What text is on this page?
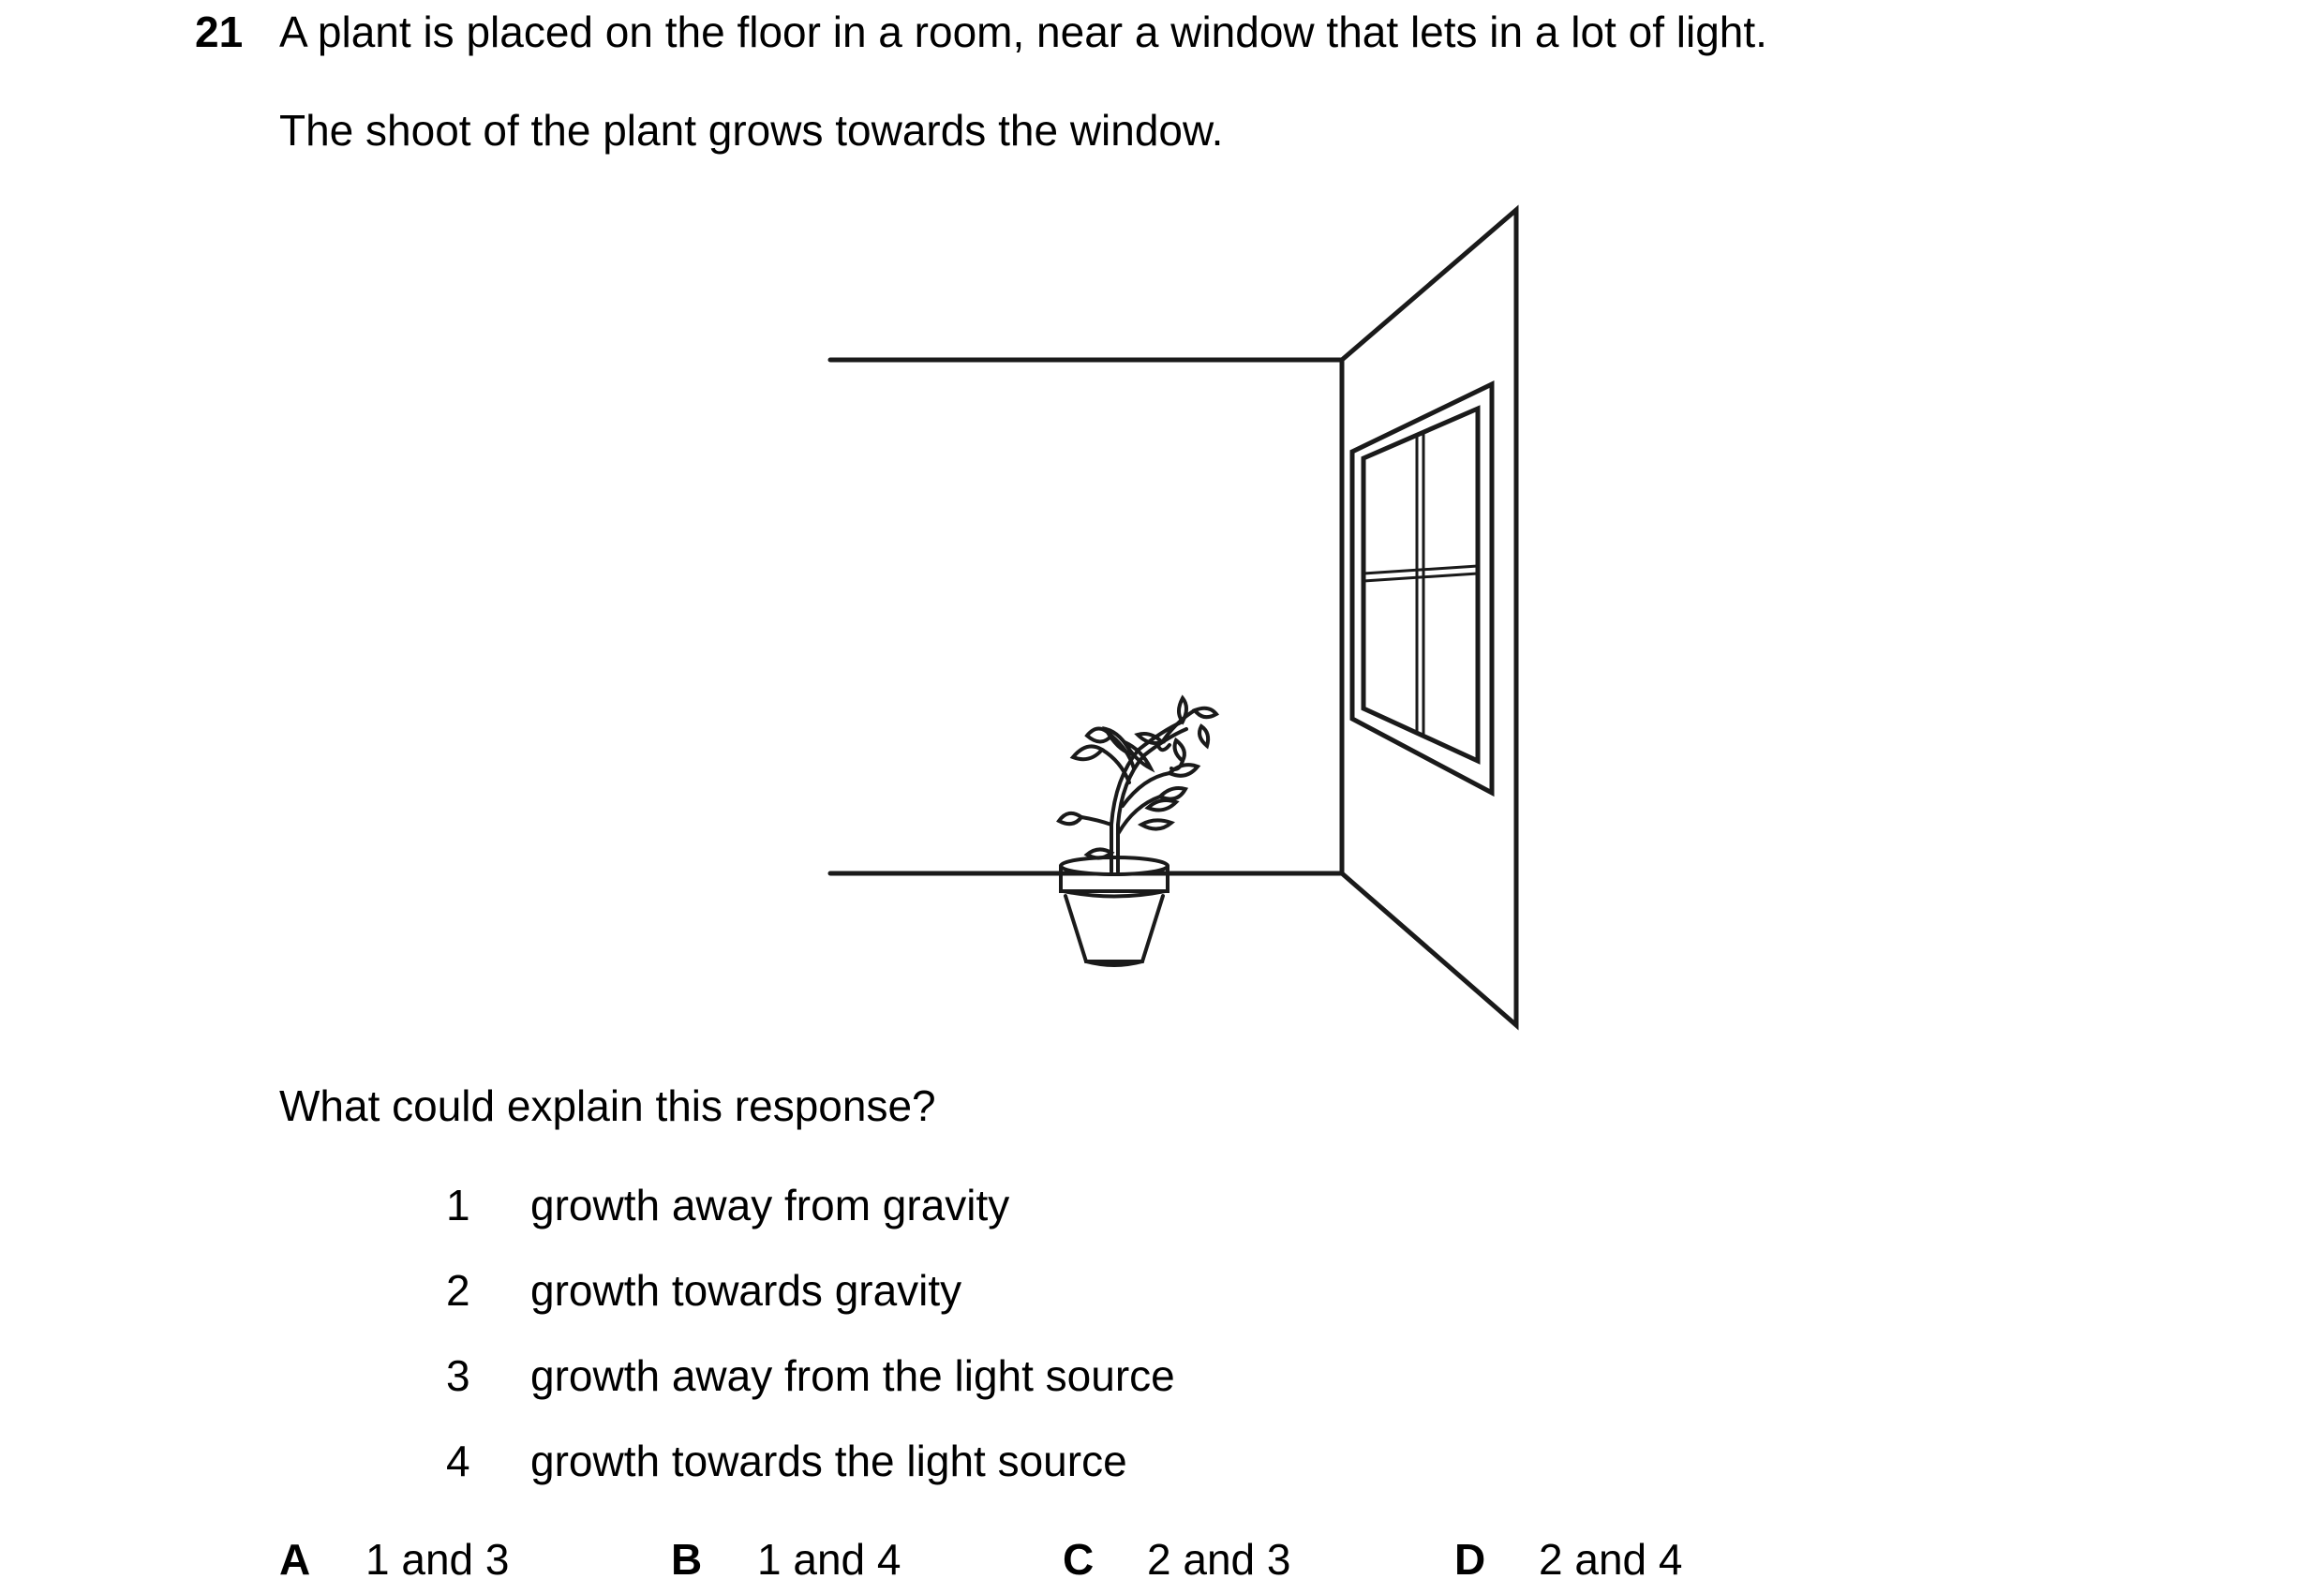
21 A plant is placed on the floor in a room, near a window that lets in a lot of light.
The shoot of the plant grows towards the window.
What could explain this response?
1 growth away from gravity
2 growth towards gravity
3 growth away from the light source
4 growth towards the light source
A 1 and 3	B 1 and 4	C 2 and 3	D 2 and 4
